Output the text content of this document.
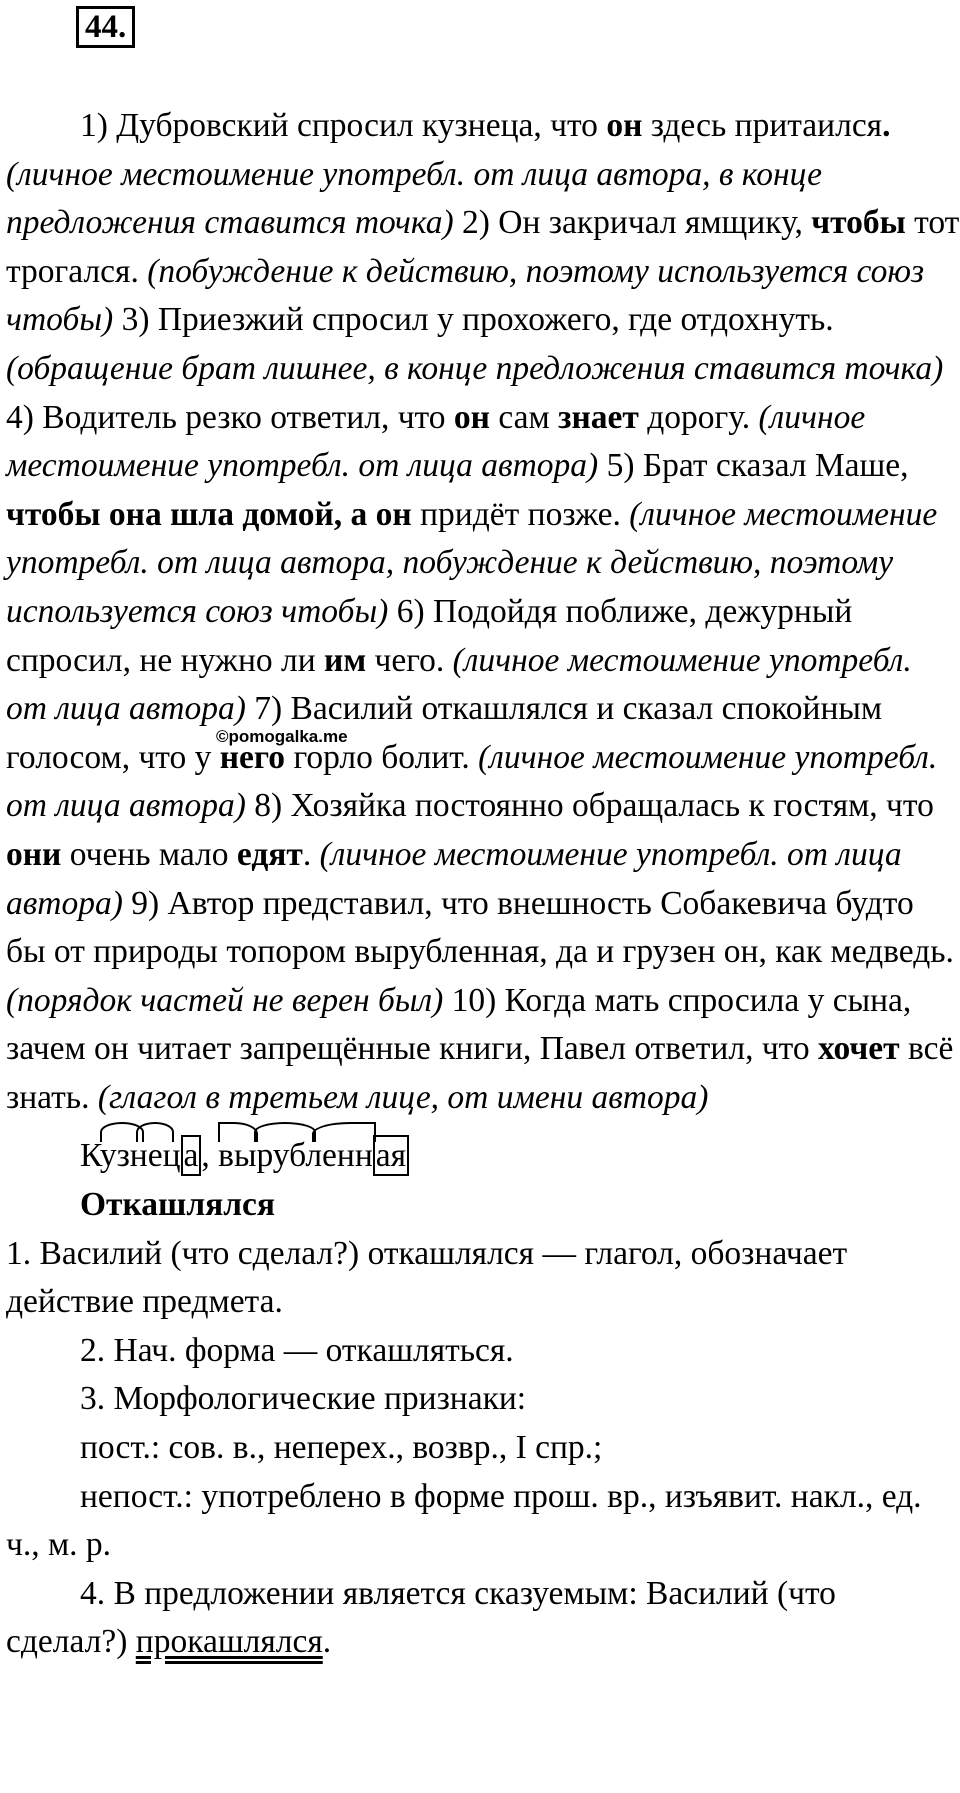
44.

1) Дубровский спросил кузнеца, что он здесь притаился. (личное местоимение употребл. от лица автора, в конце предложения ставится точка) 2) Он закричал ямщику, чтобы тот трогался. (побуждение к действию, поэтому используется союз чтобы) 3) Приезжий спросил у прохожего, где отдохнуть. (обращение брат лишнее, в конце предложения ставится точка) 4) Водитель резко ответил, что он сам знает дорогу. (личное местоимение употребл. от лица автора) 5) Брат сказал Маше, чтобы она шла домой, а он придёт позже. (личное местоимение употребл. от лица автора, побуждение к действию, поэтому используется союз чтобы) 6) Подойдя поближе, дежурный спросил, не нужно ли им чего. (личное местоимение употребл. от лица автора) 7) Василий откашлялся и сказал спокойным голосом, что у него горло болит. (личное местоимение употребл. от лица автора) 8) Хозяйка постоянно обращалась к гостям, что они очень мало едят. (личное местоимение употребл. от лица автора) 9) Автор представил, что внешность Собакевича будто бы от природы топором вырубленная, да и грузен он, как медведь. (порядок частей не верен был) 10) Когда мать спросила у сына, зачем он читает запрещённые книги, Павел ответил, что хочет всё знать. (глагол в третьем лице, от имени автора)

Кузнеца, вырубленная

Откашлялся

1. Василий (что сделал?) откашлялся — глагол, обозначает действие предмета.

2. Нач. форма — откашляться.

3. Морфологические признаки:

пост.: сов. в., неперех., возвр., I спр.;

непост.: употреблено в форме прош. вр., изъявит. накл., ед. ч., м. р.

4. В предложении является сказуемым: Василий (что сделал?) прокашлялся.

©pomogalka.me
